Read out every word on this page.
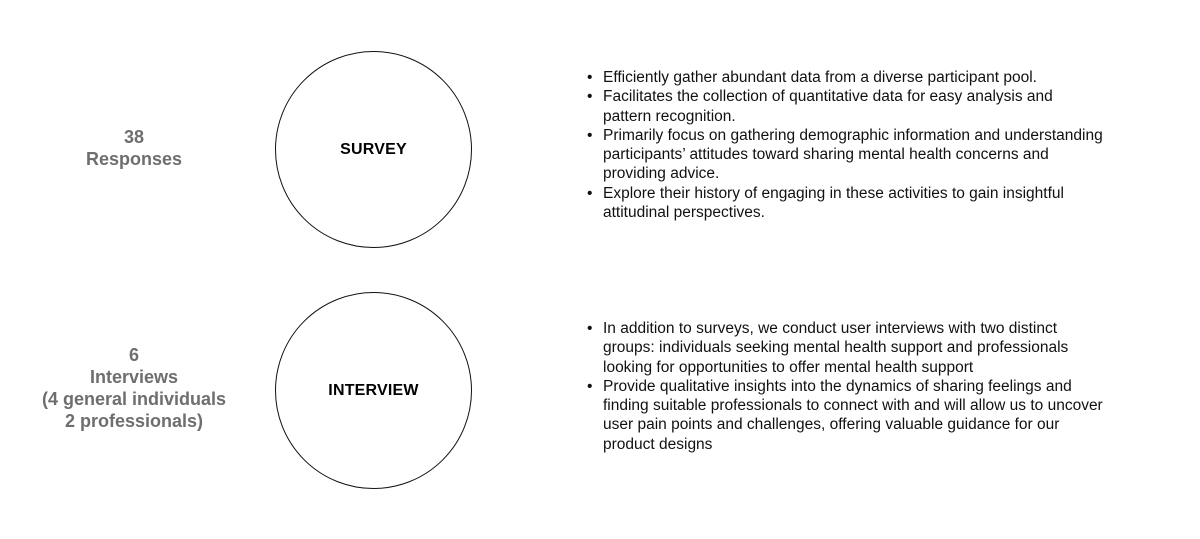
38
Responses	SURVEY
• Efficiently gather abundant data from a diverse participant pool.
• Facilitates the collection of quantitative data for easy analysis and pattern recognition.
• Primarily focus on gathering demographic information and understanding participants’ attitudes toward sharing mental health concerns and providing advice.
• Explore their history of engaging in these activities to gain insightful attitudinal perspectives.
6
Interviews
(4 general individuals
2 professionals)
INTERVIEW
• In addition to surveys, we conduct user interviews with two distinct groups: individuals seeking mental health support and professionals looking for opportunities to offer mental health support
• Provide qualitative insights into the dynamics of sharing feelings and finding suitable professionals to connect with and will allow us to uncover user pain points and challenges, offering valuable guidance for our product designs
